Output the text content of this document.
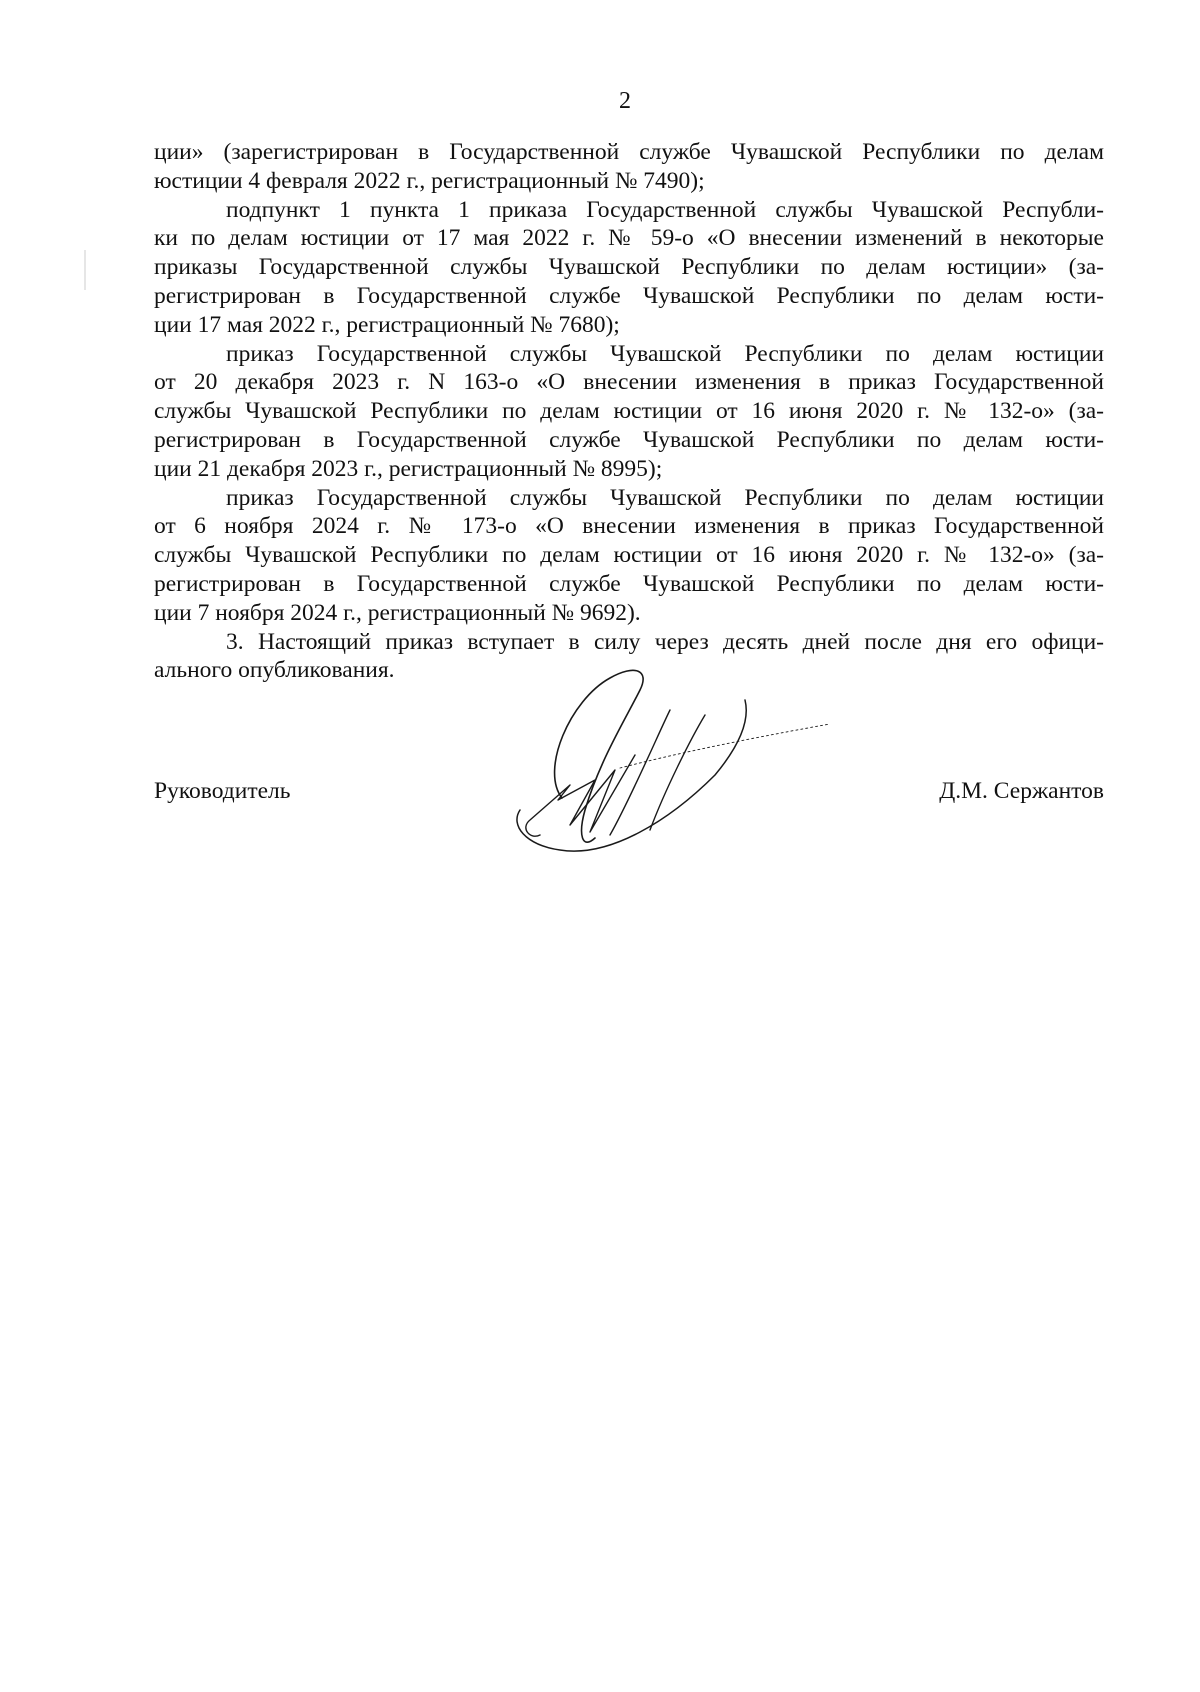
2
ции» (зарегистрирован в Государственной службе Чувашской Республики по делам
юстиции 4 февраля 2022 г., регистрационный № 7490);
подпункт 1 пункта 1 приказа Государственной службы Чувашской Республи-
ки по делам юстиции от 17 мая 2022 г. № 59-о «О внесении изменений в некоторые
приказы Государственной службы Чувашской Республики по делам юстиции» (за-
регистрирован в Государственной службе Чувашской Республики по делам юсти-
ции 17 мая 2022 г., регистрационный № 7680);
приказ Государственной службы Чувашской Республики по делам юстиции
от 20 декабря 2023 г. N 163-о «О внесении изменения в приказ Государственной
службы Чувашской Республики по делам юстиции от 16 июня 2020 г. № 132-о» (за-
регистрирован в Государственной службе Чувашской Республики по делам юсти-
ции 21 декабря 2023 г., регистрационный № 8995);
приказ Государственной службы Чувашской Республики по делам юстиции
от 6 ноября 2024 г. № 173-о «О внесении изменения в приказ Государственной
службы Чувашской Республики по делам юстиции от 16 июня 2020 г. № 132-о» (за-
регистрирован в Государственной службе Чувашской Республики по делам юсти-
ции 7 ноября 2024 г., регистрационный № 9692).
3. Настоящий приказ вступает в силу через десять дней после дня его офици-
ального опубликования.
Руководитель	Д.М. Сержантов
